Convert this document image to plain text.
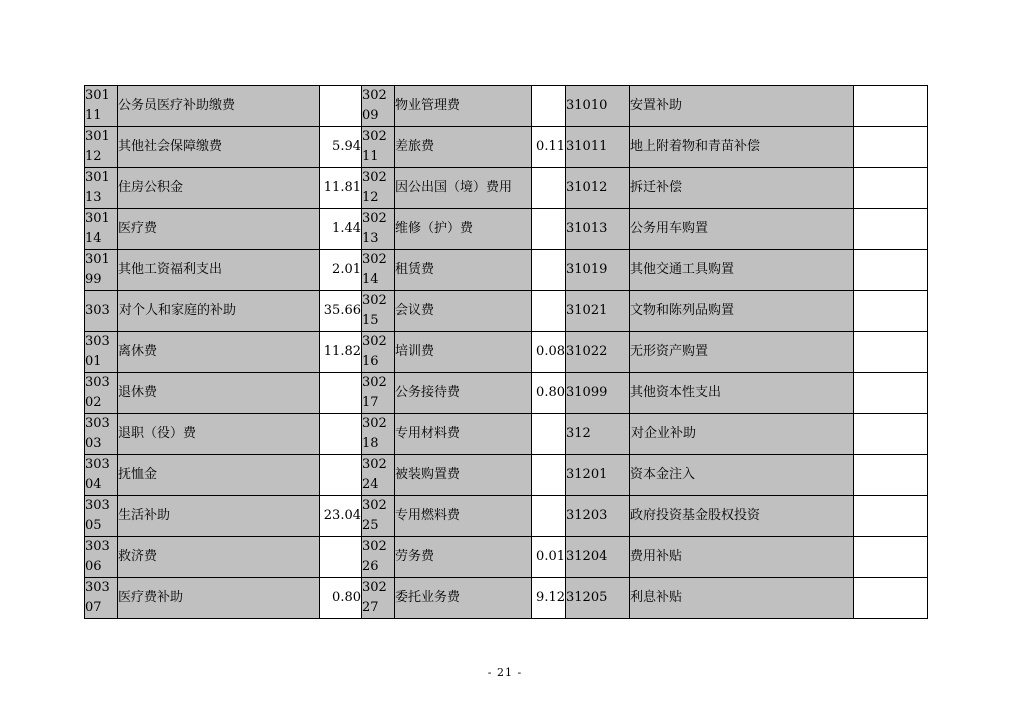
30111	公务员医疗补助缴费		30209	物业管理费		31010	安置补助	
30112	其他社会保障缴费	5.94	30211	差旅费	0.11	31011	地上附着物和青苗补偿	
30113	住房公积金	11.81	30212	因公出国（境）费用		31012	拆迁补偿	
30114	医疗费	1.44	30213	维修（护）费		31013	公务用车购置	
30199	其他工资福利支出	2.01	30214	租赁费		31019	其他交通工具购置	
303	对个人和家庭的补助	35.66	30215	会议费		31021	文物和陈列品购置	
30301	离休费	11.82	30216	培训费	0.08	31022	无形资产购置	
30302	退休费		30217	公务接待费	0.80	31099	其他资本性支出	
30303	退职（役）费		30218	专用材料费		312	对企业补助	
30304	抚恤金		30224	被装购置费		31201	资本金注入	
30305	生活补助	23.04	30225	专用燃料费		31203	政府投资基金股权投资	
30306	救济费		30226	劳务费	0.01	31204	费用补贴	
30307	医疗费补助	0.80	30227	委托业务费	9.12	31205	利息补贴	
- 21 -
